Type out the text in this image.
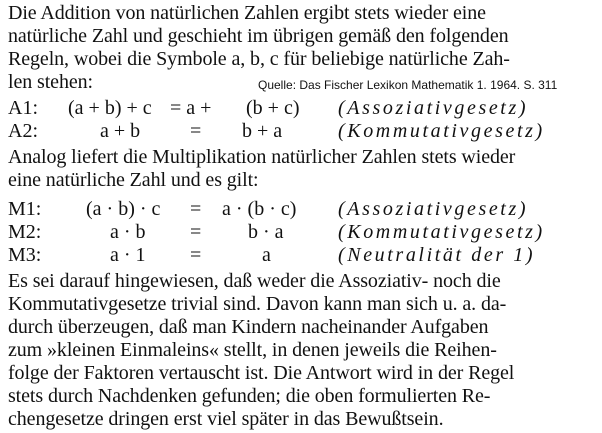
Die Addition von natürlichen Zahlen ergibt stets wieder eine
natürliche Zahl und geschieht im übrigen gemäß den folgenden
Regeln, wobei die Symbole a, b, c für beliebige natürliche Zah-
len stehen:	Quelle: Das Fischer Lexikon Mathematik 1. 1964. S. 311
A1: (a + b) + c = a + (b + c) (Assoziativgesetz)
A2:	a + b = b + a	(Kommutativgesetz)
Analog liefert die Multiplikation natürlicher Zahlen stets wieder
eine natürliche Zahl und es gilt:
M1: (a · b) · c = a · (b · c) (Assoziativgesetz)
M2:	a · b = b · a	(Kommutativgesetz)
M3:	a · 1 =	a	(Neutralität der 1)
Es sei darauf hingewiesen, daß weder die Assoziativ- noch die
Kommutativgesetze trivial sind. Davon kann man sich u. a. da-
durch überzeugen, daß man Kindern nacheinander Aufgaben
zum »kleinen Einmaleins« stellt, in denen jeweils die Reihen-
folge der Faktoren vertauscht ist. Die Antwort wird in der Regel
stets durch Nachdenken gefunden; die oben formulierten Re-
chengesetze dringen erst viel später in das Bewußtsein.
